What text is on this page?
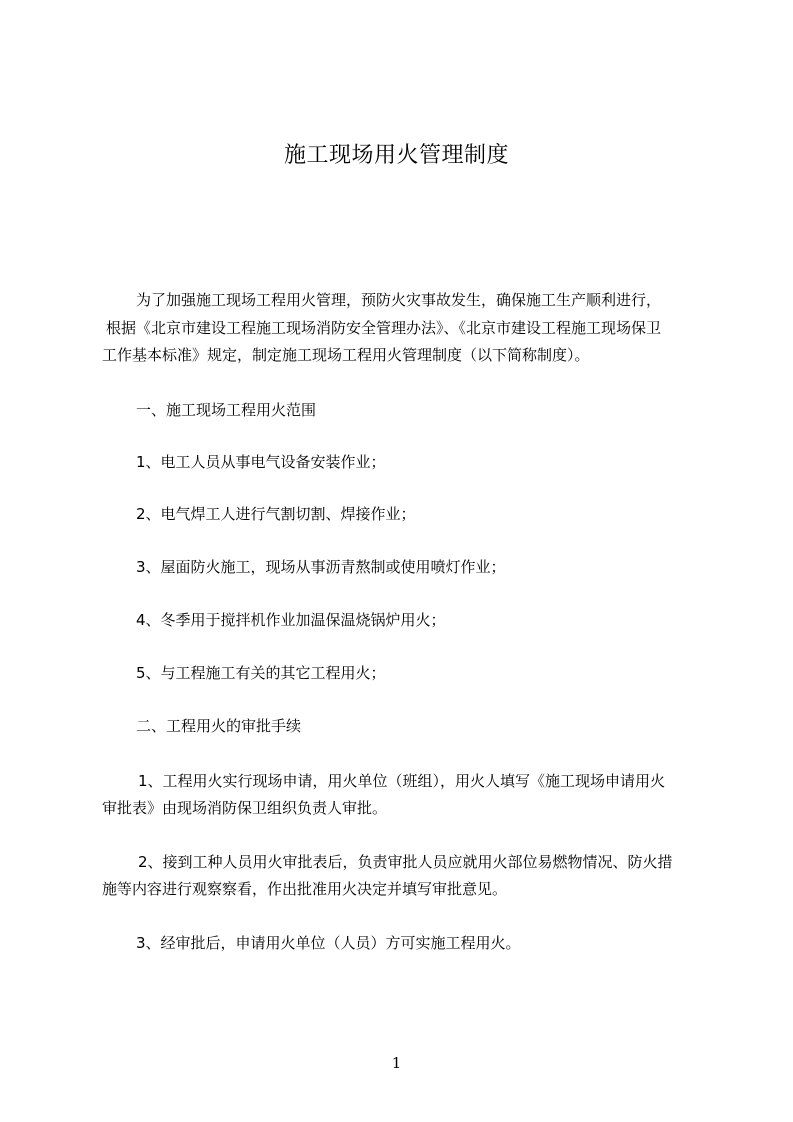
施工现场用火管理制度
为了加强施工现场工程用火管理，预防火灾事故发生，确保施工生产顺利进行，
根据《北京市建设工程施工现场消防安全管理办法》、《北京市建设工程施工现场保卫
工作基本标准》规定，制定施工现场工程用火管理制度（以下简称制度）。
一、施工现场工程用火范围
1、电工人员从事电气设备安装作业；
2、电气焊工人进行气割切割、焊接作业；
3、屋面防火施工，现场从事沥青熬制或使用喷灯作业；
4、冬季用于搅拌机作业加温保温烧锅炉用火；
5、与工程施工有关的其它工程用火；
二、工程用火的审批手续
1、工程用火实行现场申请，用火单位（班组），用火人填写《施工现场申请用火
审批表》由现场消防保卫组织负责人审批。
2、接到工种人员用火审批表后，负责审批人员应就用火部位易燃物情况、防火措
施等内容进行观察察看，作出批准用火决定并填写审批意见。
3、经审批后，申请用火单位（人员）方可实施工程用火。
1
